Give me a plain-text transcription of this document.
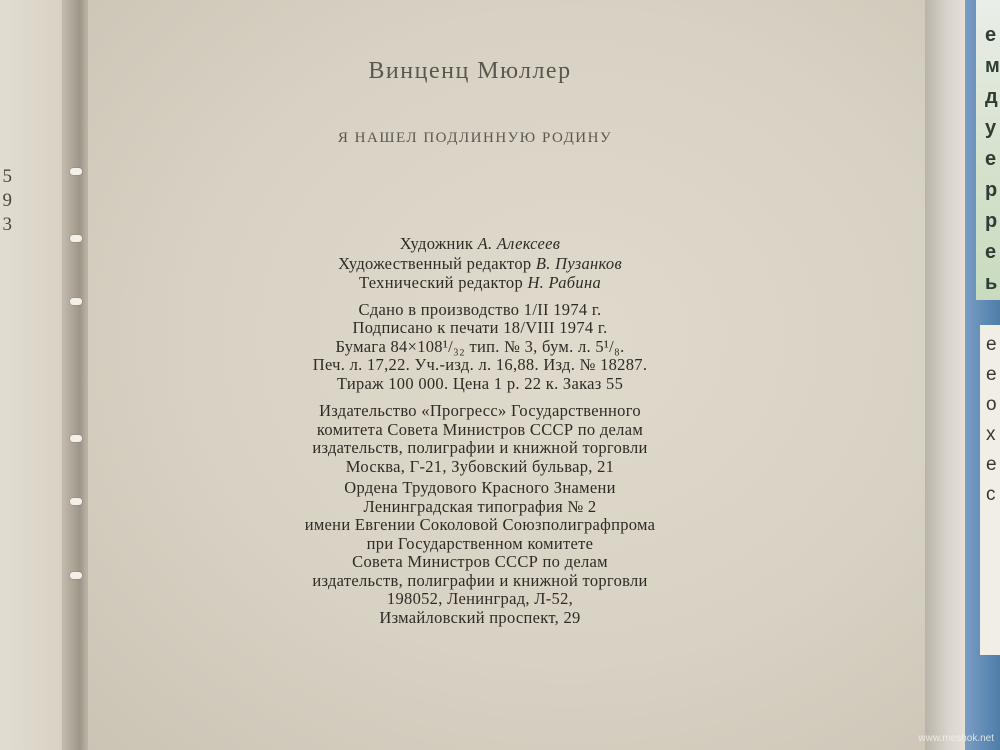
5
9
3
Винценц Мюллер
Я НАШЕЛ ПОДЛИННУЮ РОДИНУ
Художник А. Алексеев
Художественный редактор В. Пузанков
Технический редактор Н. Рабина
Сдано в производство 1/II 1974 г.
Подписано к печати 18/VIII 1974 г.
Бумага 84×108¹/₃₂ тип. № 3, бум. л. 5¹/₈.
Печ. л. 17,22. Уч.-изд. л. 16,88. Изд. № 18287.
Тираж 100 000. Цена 1 р. 22 к. Заказ 55
Издательство «Прогресс» Государственного
комитета Совета Министров СССР по делам
издательств, полиграфии и книжной торговли
Москва, Г-21, Зубовский бульвар, 21
Ордена Трудового Красного Знамени
Ленинградская типография № 2
имени Евгении Соколовой Союзполиграфпрома
при Государственном комитете
Совета Министров СССР по делам
издательств, полиграфии и книжной торговли
198052, Ленинград, Л-52,
Измайловский проспект, 29
е
м
д
у
е
р
р
е
ь
е
е
о
х
е
с
www.meshok.net
